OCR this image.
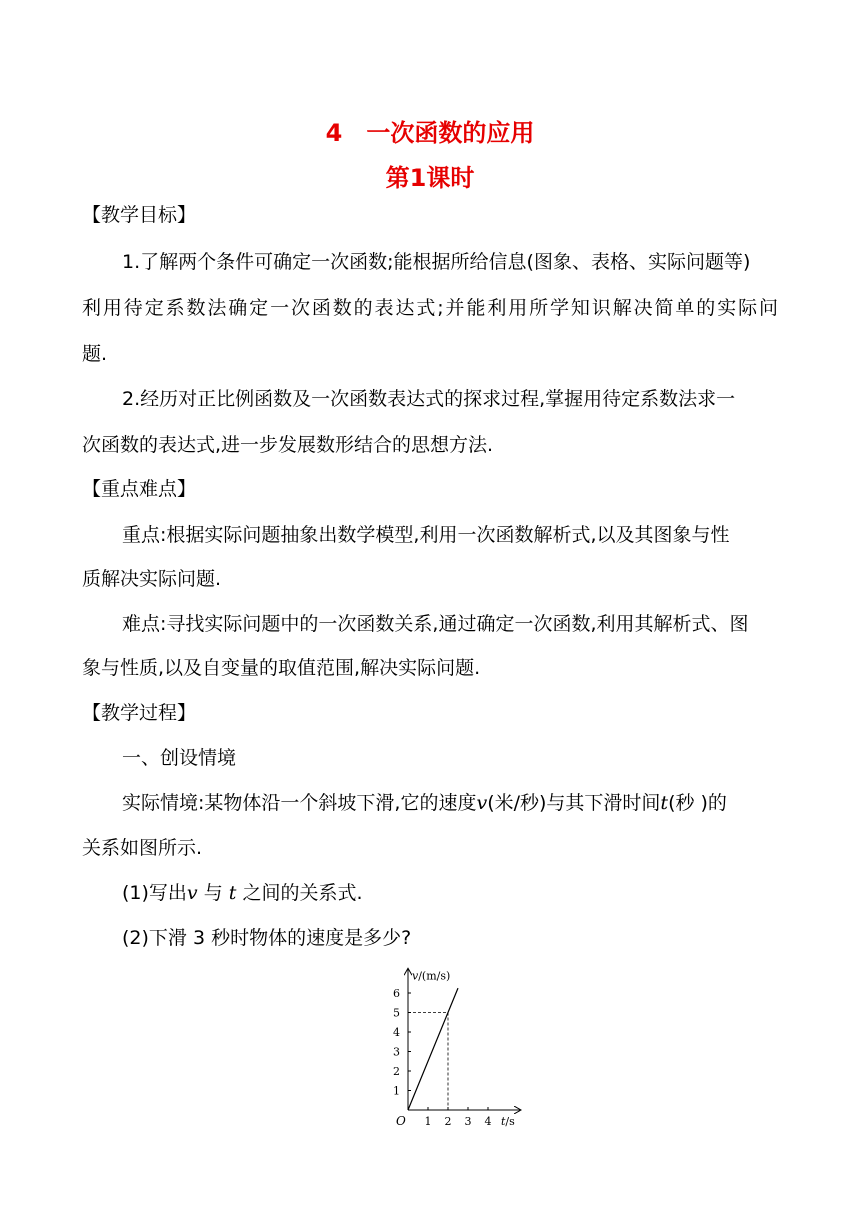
4　一次函数的应用
第1课时
【教学目标】
1.了解两个条件可确定一次函数;能根据所给信息(图象、表格、实际问题等)
利用待定系数法确定一次函数的表达式;并能利用所学知识解决简单的实际问
题.
2.经历对正比例函数及一次函数表达式的探求过程,掌握用待定系数法求一
次函数的表达式,进一步发展数形结合的思想方法.
【重点难点】
重点:根据实际问题抽象出数学模型,利用一次函数解析式,以及其图象与性
质解决实际问题.
难点:寻找实际问题中的一次函数关系,通过确定一次函数,利用其解析式、图
象与性质,以及自变量的取值范围,解决实际问题.
【教学过程】
一、创设情境
实际情境:某物体沿一个斜坡下滑,它的速度v(米/秒)与其下滑时间t(秒 )的
关系如图所示.
(1)写出v 与 t 之间的关系式.
(2)下滑 3 秒时物体的速度是多少?
1 2 3 4
1
2
3
4
5
6
O
v/(m/s)
t/s
